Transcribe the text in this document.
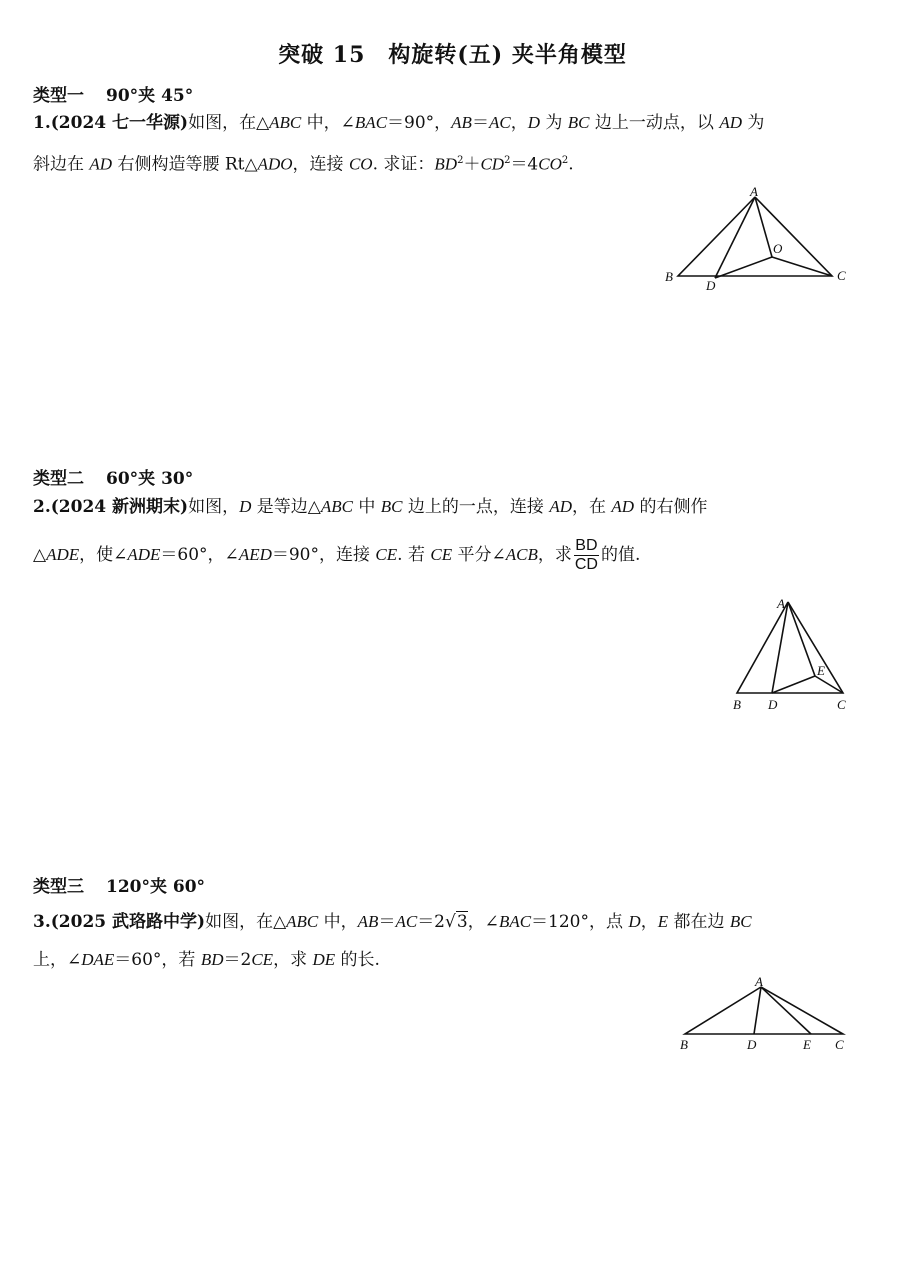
突破 15　构旋转(五) 夹半角模型
类型一 90°夹 45°
1.(2024 七一华源)如图，在△ABC 中，∠BAC＝90°，AB＝AC，D 为 BC 边上一动点，以 AD 为
斜边在 AD 右侧构造等腰 Rt△ADO，连接 CO. 求证：$BD^2+CD^2=4CO^2$.
A
B
D
O
C
类型二 60°夹 30°
2.(2024 新洲期末)如图，D 是等边△ABC 中 BC 边上的一点，连接 AD，在 AD 的右侧作
△ADE，使∠ADE＝60°，∠AED＝90°，连接 CE. 若 CE 平分∠ACB，求 $\frac{BD}{CD}$ 的值.
A
E
B D	C
类型三 120°夹 60°
3.(2025 武珞路中学)如图，在△ABC 中，AB＝AC＝2√3，∠BAC＝120°，点 D，E 都在边 BC
上，∠DAE＝60°，若 BD＝2CE，求 DE 的长.
A
B	D	E C
